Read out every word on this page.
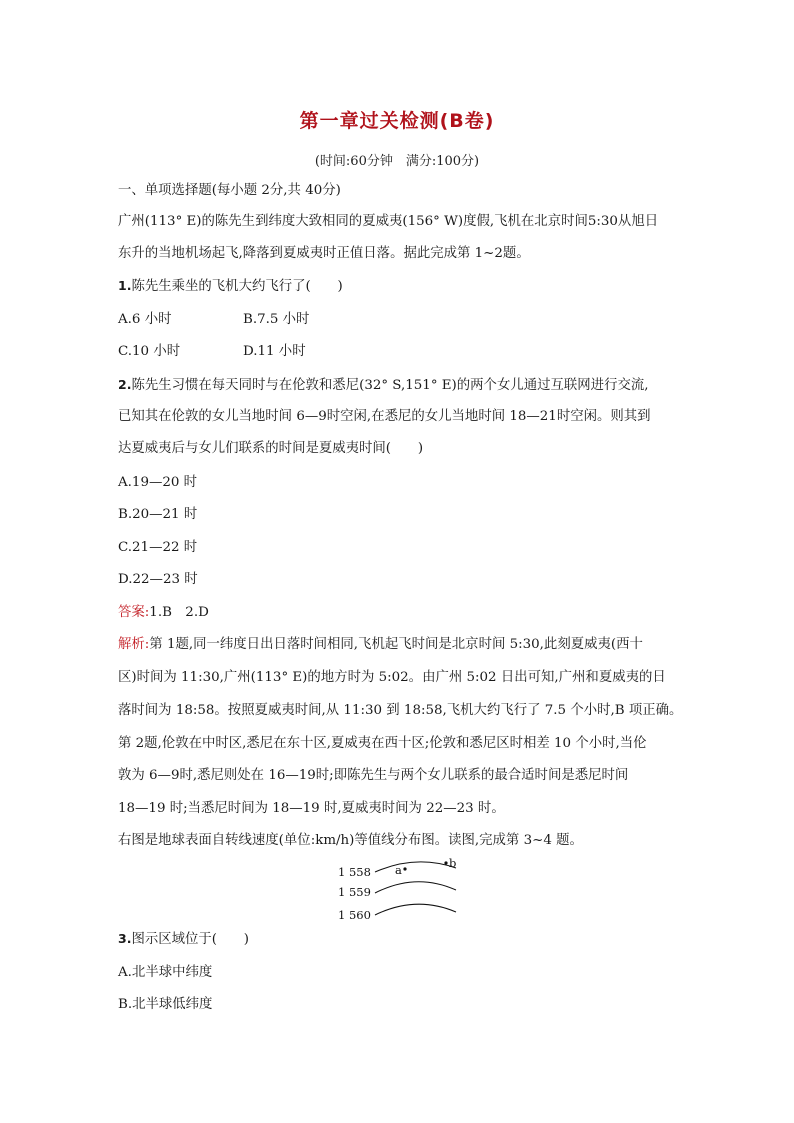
第一章过关检测(B卷)
(时间:60分钟　满分:100分)
一、单项选择题(每小题 2分,共 40分)
广州(113° E)的陈先生到纬度大致相同的夏威夷(156° W)度假,飞机在北京时间5:30从旭日
东升的当地机场起飞,降落到夏威夷时正值日落。据此完成第 1~2题。
1.陈先生乘坐的飞机大约飞行了(　　)
A.6 小时	B.7.5 小时
C.10 小时	D.11 小时
2.陈先生习惯在每天同时与在伦敦和悉尼(32° S,151° E)的两个女儿通过互联网进行交流,
已知其在伦敦的女儿当地时间 6—9时空闲,在悉尼的女儿当地时间 18—21时空闲。则其到
达夏威夷后与女儿们联系的时间是夏威夷时间(　　)
A.19—20 时
B.20—21 时
C.21—22 时
D.22—23 时
答案:1.B　2.D
解析:第 1题,同一纬度日出日落时间相同,飞机起飞时间是北京时间 5:30,此刻夏威夷(西十
区)时间为 11:30,广州(113° E)的地方时为 5:02。由广州 5:02 日出可知,广州和夏威夷的日
落时间为 18:58。按照夏威夷时间,从 11:30 到 18:58,飞机大约飞行了 7.5 个小时,B 项正确。
第 2题,伦敦在中时区,悉尼在东十区,夏威夷在西十区;伦敦和悉尼区时相差 10 个小时,当伦
敦为 6—9时,悉尼则处在 16—19时;即陈先生与两个女儿联系的最合适时间是悉尼时间
18—19 时;当悉尼时间为 18—19 时,夏威夷时间为 22—23 时。
右图是地球表面自转线速度(单位:km/h)等值线分布图。读图,完成第 3~4 题。
1 558
1 559
1 560
a	b
3.图示区域位于(　　)
A.北半球中纬度
B.北半球低纬度
